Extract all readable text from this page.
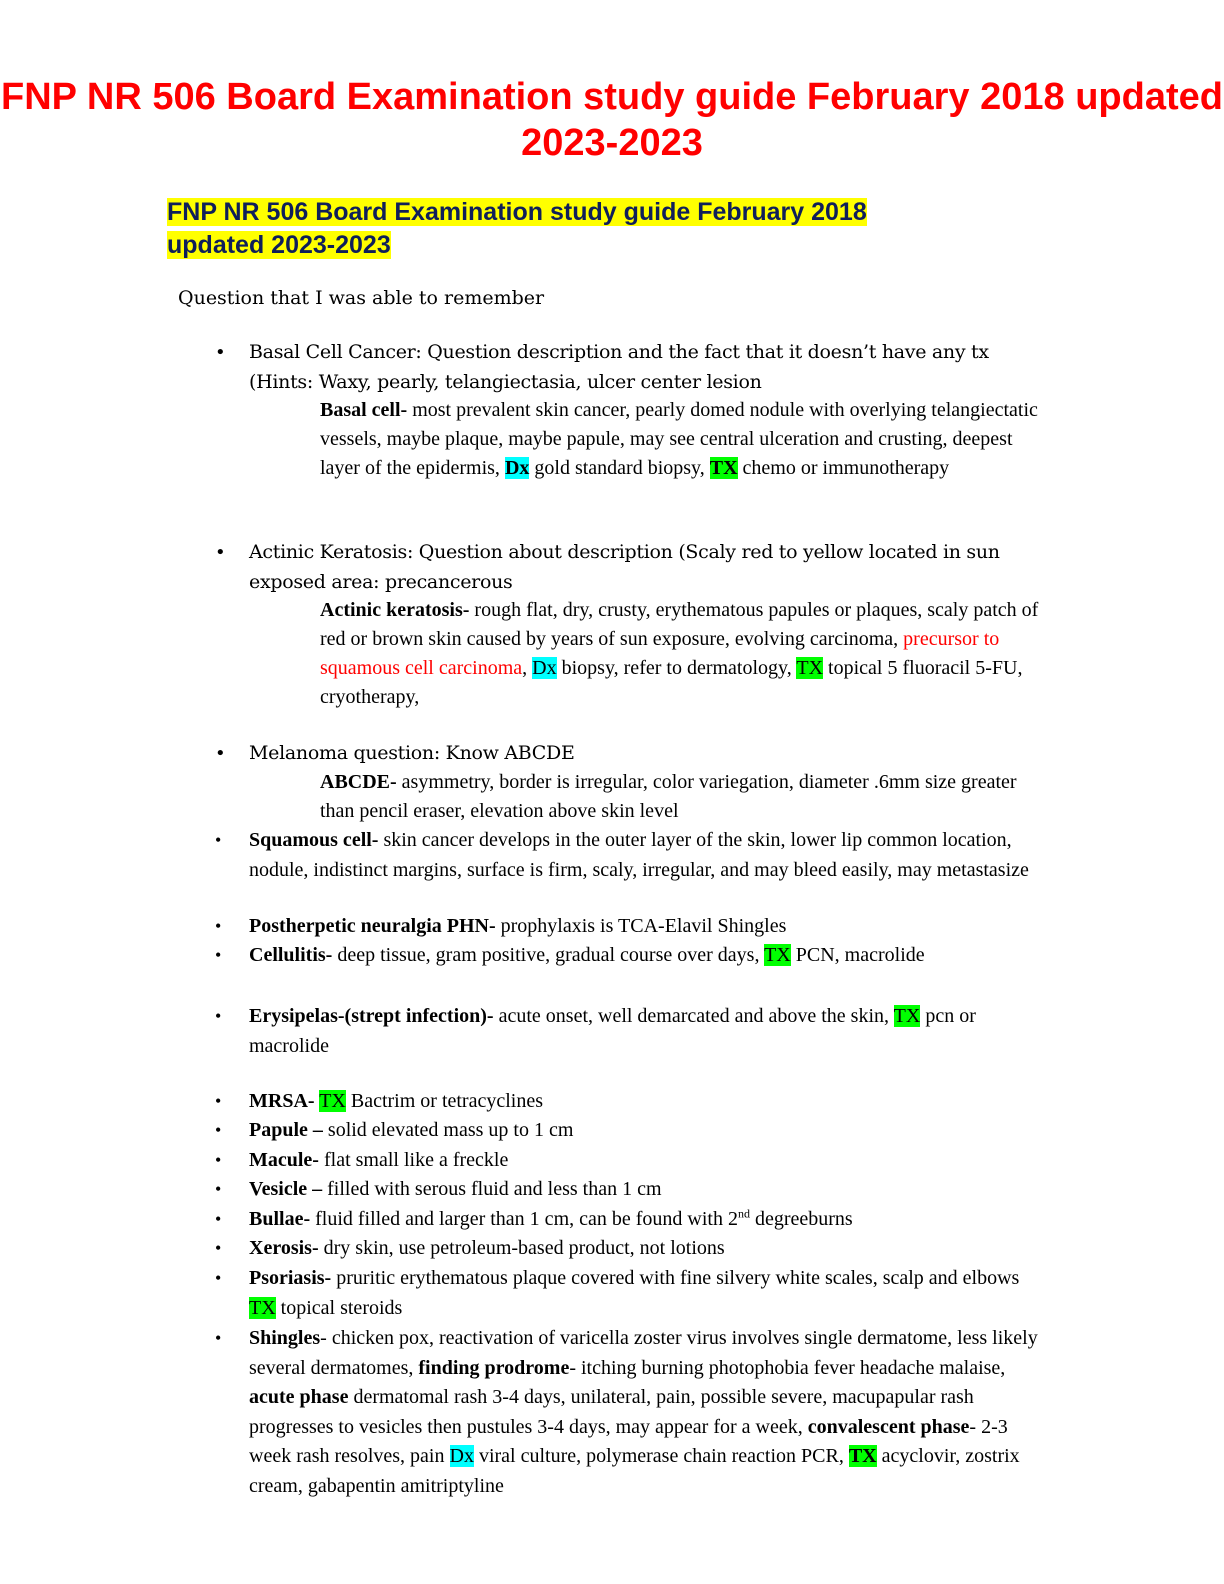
FNP NR 506 Board Examination study guide February 2018 updated 2023-2023
FNP NR 506 Board Examination study guide February 2018 updated 2023-2023
Question that I was able to remember
• Basal Cell Cancer: Question description and the fact that it doesn’t have any tx (Hints: Waxy, pearly, telangiectasia, ulcer center lesion
Basal cell- most prevalent skin cancer, pearly domed nodule with overlying telangiectatic vessels, maybe plaque, maybe papule, may see central ulceration and crusting, deepest layer of the epidermis, Dx gold standard biopsy, TX chemo or immunotherapy
• Actinic Keratosis: Question about description (Scaly red to yellow located in sun exposed area: precancerous
Actinic keratosis- rough flat, dry, crusty, erythematous papules or plaques, scaly patch of red or brown skin caused by years of sun exposure, evolving carcinoma, precursor to squamous cell carcinoma, Dx biopsy, refer to dermatology, TX topical 5 fluoracil 5-FU, cryotherapy,
• Melanoma question: Know ABCDE
ABCDE- asymmetry, border is irregular, color variegation, diameter .6mm size greater than pencil eraser, elevation above skin level
• Squamous cell- skin cancer develops in the outer layer of the skin, lower lip common location, nodule, indistinct margins, surface is firm, scaly, irregular, and may bleed easily, may metastasize
• Postherpetic neuralgia PHN- prophylaxis is TCA-Elavil Shingles
• Cellulitis- deep tissue, gram positive, gradual course over days, TX PCN, macrolide
• Erysipelas-(strept infection)- acute onset, well demarcated and above the skin, TX pcn or macrolide
• MRSA- TX Bactrim or tetracyclines
• Papule – solid elevated mass up to 1 cm
• Macule- flat small like a freckle
• Vesicle – filled with serous fluid and less than 1 cm
• Bullae- fluid filled and larger than 1 cm, can be found with 2nd degreeburns
• Xerosis- dry skin, use petroleum-based product, not lotions
• Psoriasis- pruritic erythematous plaque covered with fine silvery white scales, scalp and elbows TX topical steroids
• Shingles- chicken pox, reactivation of varicella zoster virus involves single dermatome, less likely several dermatomes, finding prodrome- itching burning photophobia fever headache malaise, acute phase dermatomal rash 3-4 days, unilateral, pain, possible severe, macupapular rash progresses to vesicles then pustules 3-4 days, may appear for a week, convalescent phase- 2-3 week rash resolves, pain Dx viral culture, polymerase chain reaction PCR, TX acyclovir, zostrix cream, gabapentin amitriptyline
